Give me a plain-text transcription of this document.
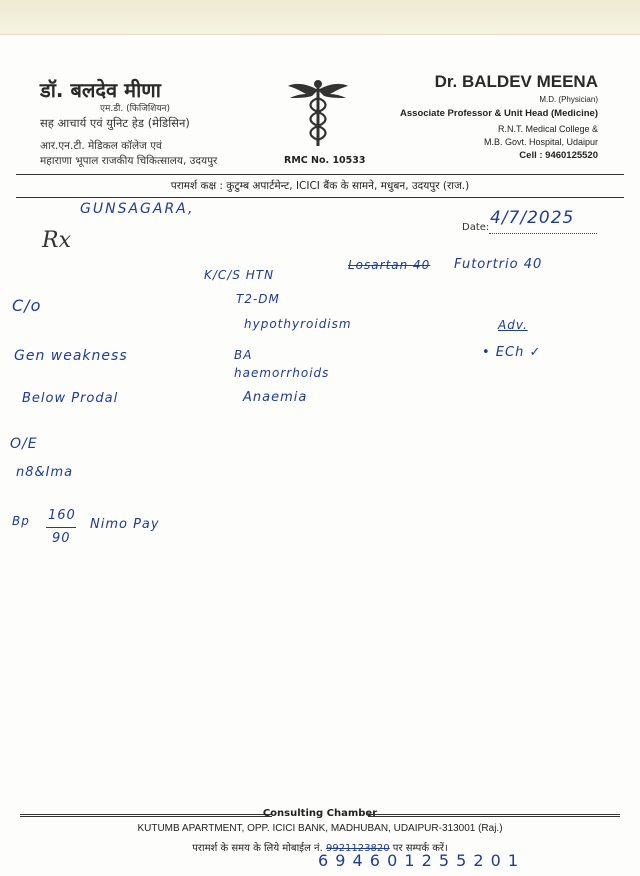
डॉ. बलदेव मीणा
एम.डी. (फिजिशियन)
सह आचार्य एवं युनिट हेड (मेडिसिन)
आर.एन.टी. मेडिकल कॉलेज एवं
महाराणा भूपाल राजकीय चिकित्सालय, उदयपुर	RMC No. 10533
Dr. BALDEV MEENA
M.D. (Physician)
Associate Professor & Unit Head (Medicine)
R.N.T. Medical College &
M.B. Govt. Hospital, Udaipur
Cell : 9460125520
परामर्श कक्ष : कुटुम्ब अपार्टमेन्ट, ICICI बैंक के सामने, मधुबन, उदयपुर (राज.)
Date: 4/7/2025
GUNSAGARA,
Rx
C/o
Gen weakness
Below Prodal
O/E
n8&Ima
Bp 160
90
Nimo Pay
K/C/S HTN
T2-DM
hypothyroidism
BA
haemorrhoids
Anaemia
Losartan 40 Futortrio 40
Adv.
• ECh ✓
Consulting Chamber
KUTUMB APARTMENT, OPP. ICICI BANK, MADHUBAN, UDAIPUR-313001 (Raj.)
परामर्श के समय के लिये मोबाईल नं. 9921123820 पर सम्पर्क करें।
6 9 4 6 0 1 2 5 5 2 0 1
